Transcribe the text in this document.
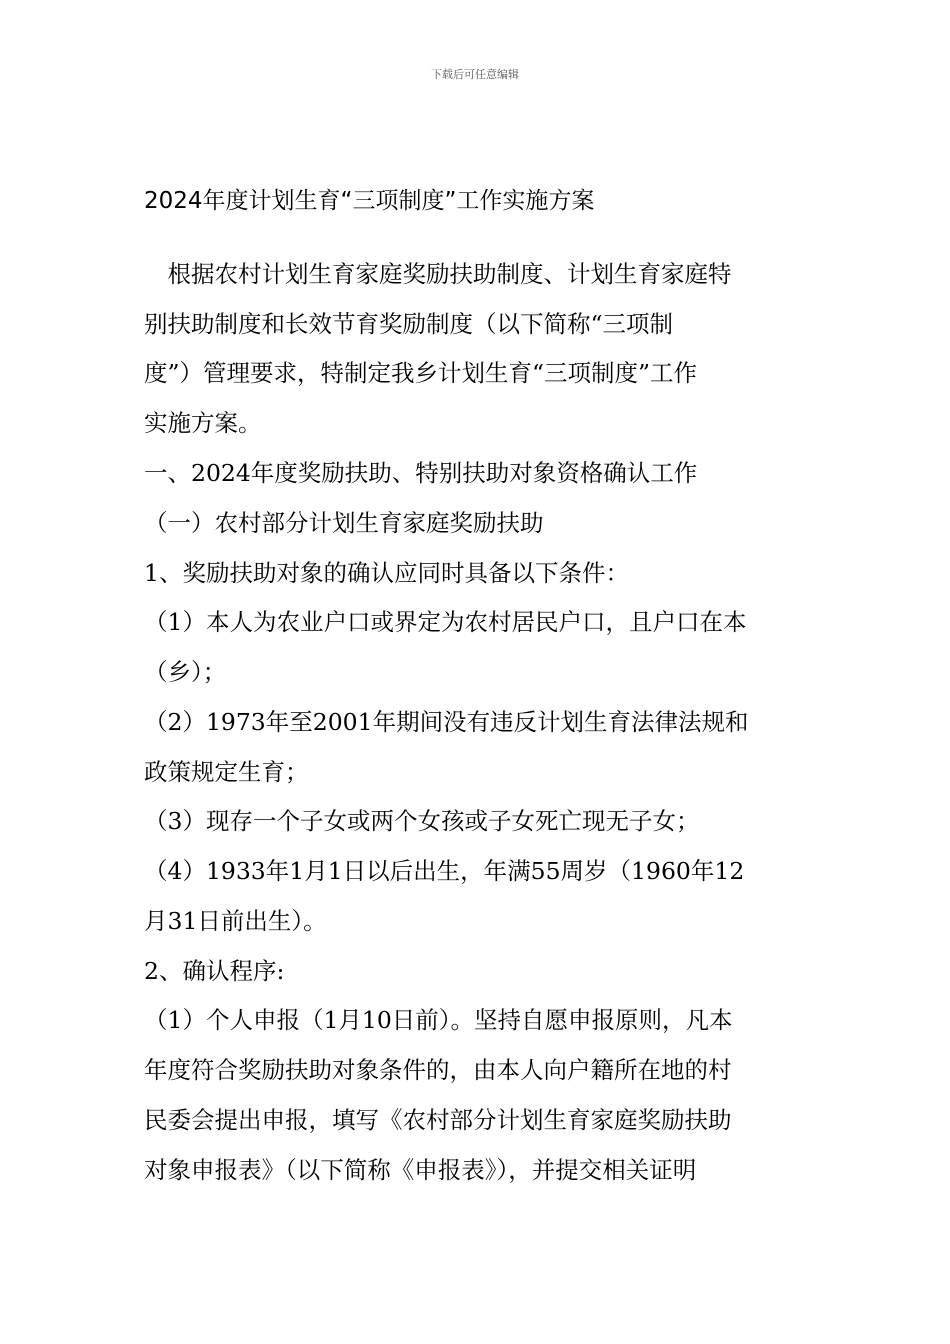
下载后可任意编辑
2024年度计划生育“三项制度”工作实施方案
　根据农村计划生育家庭奖励扶助制度、计划生育家庭特
别扶助制度和长效节育奖励制度（以下简称“三项制
度”）管理要求，特制定我乡计划生育“三项制度”工作
实施方案。
一、2024年度奖励扶助、特别扶助对象资格确认工作
（一）农村部分计划生育家庭奖励扶助
1、奖励扶助对象的确认应同时具备以下条件：
（1）本人为农业户口或界定为农村居民户口，且户口在本
（乡）；
（2）1973年至2001年期间没有违反计划生育法律法规和
政策规定生育；
（3）现存一个子女或两个女孩或子女死亡现无子女；
（4）1933年1月1日以后出生，年满55周岁（1960年12
月31日前出生）。
2、确认程序:
（1）个人申报（1月10日前）。坚持自愿申报原则，凡本
年度符合奖励扶助对象条件的，由本人向户籍所在地的村
民委会提出申报，填写《农村部分计划生育家庭奖励扶助
对象申报表》（以下简称《申报表》），并提交相关证明
